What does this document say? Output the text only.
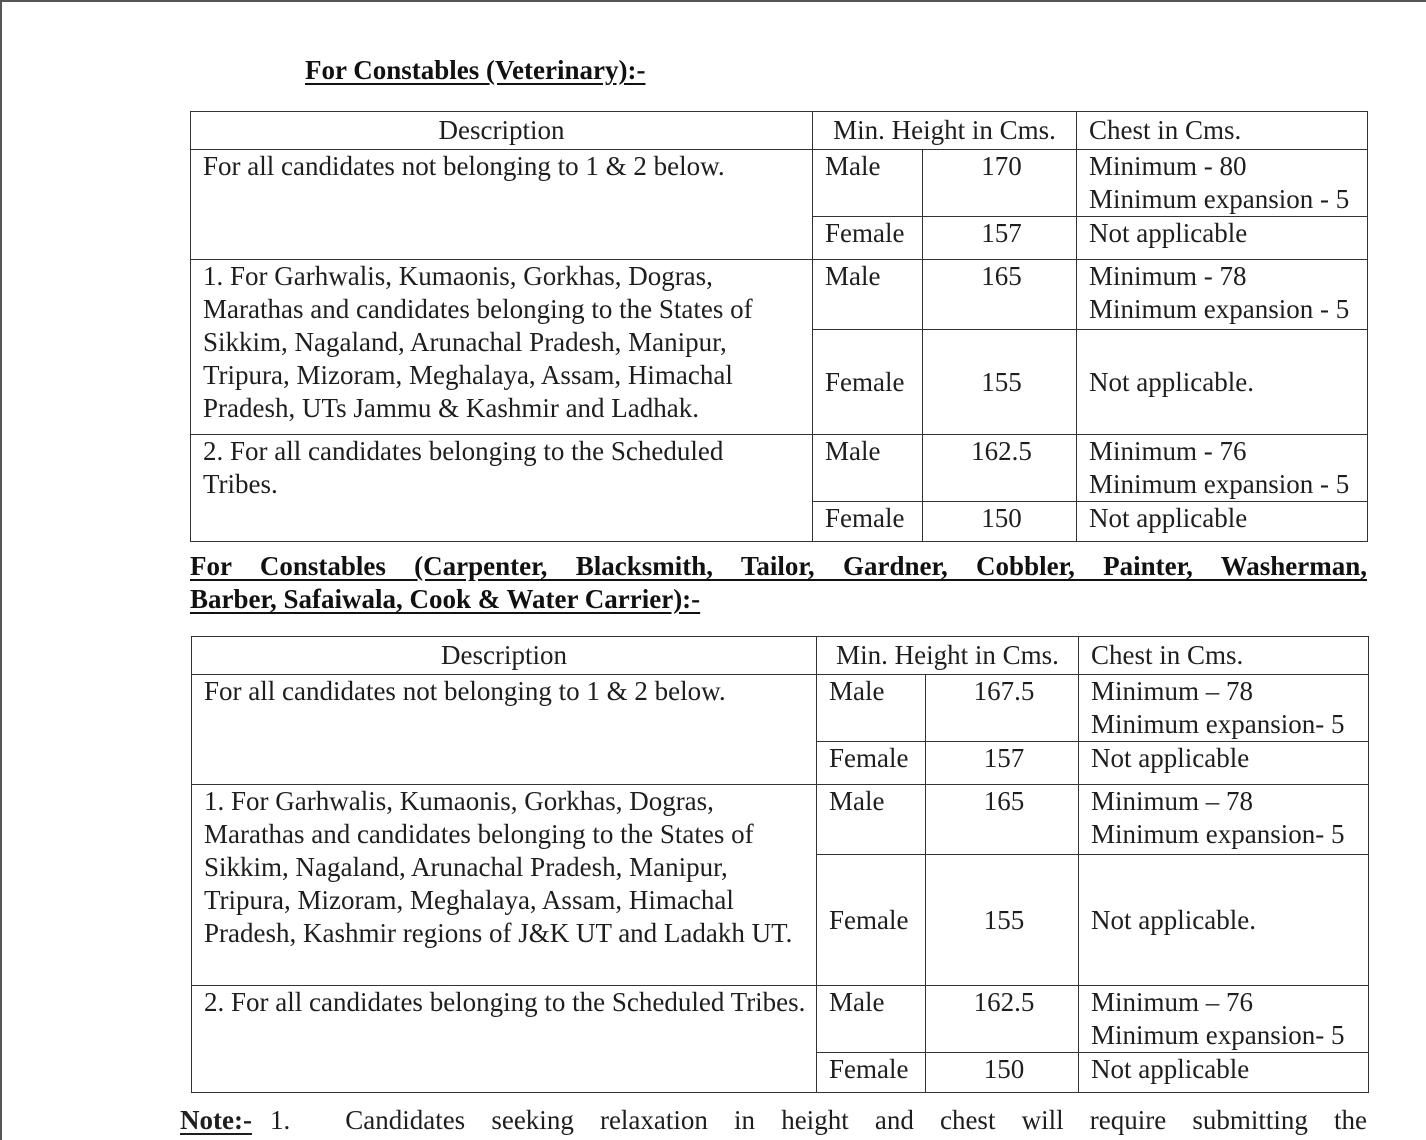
For Constables (Veterinary):-
Description	Min. Height in Cms.		Chest in Cms.
For all candidates not belonging to 1 & 2 below.	Male	170	Minimum - 80
Minimum expansion - 5

	Female	157	Not applicable
1. For Garhwalis, Kumaonis, Gorkhas, Dogras, Marathas and candidates belonging to the States of Sikkim, Nagaland, Arunachal Pradesh, Manipur, Tripura, Mizoram, Meghalaya, Assam, Himachal Pradesh, UTs Jammu & Kashmir and Ladhak.	Male	165	Minimum - 78
Minimum expansion - 5

	Female	155	Not applicable.
2. For all candidates belonging to the Scheduled Tribes.	Male	162.5	Minimum - 76
Minimum expansion - 5

	Female	150	Not applicable
For Constables (Carpenter, Blacksmith, Tailor, Gardner, Cobbler, Painter, Washerman,
Barber, Safaiwala, Cook & Water Carrier):-
Description	Min. Height in Cms.		Chest in Cms.
For all candidates not belonging to 1 & 2 below.	Male	167.5	Minimum – 78
Minimum expansion- 5

	Female	157	Not applicable
1. For Garhwalis, Kumaonis, Gorkhas, Dogras, Marathas and candidates belonging to the States of Sikkim, Nagaland, Arunachal Pradesh, Manipur, Tripura, Mizoram, Meghalaya, Assam, Himachal Pradesh, Kashmir regions of J&K UT and Ladakh UT.	Male	165	Minimum – 78
Minimum expansion- 5

	Female	155	Not applicable.
2. For all candidates belonging to the Scheduled Tribes.	Male	162.5	Minimum – 76
Minimum expansion- 5

	Female	150	Not applicable
Note:- 1. Candidates seeking relaxation in height and chest will require submitting the
